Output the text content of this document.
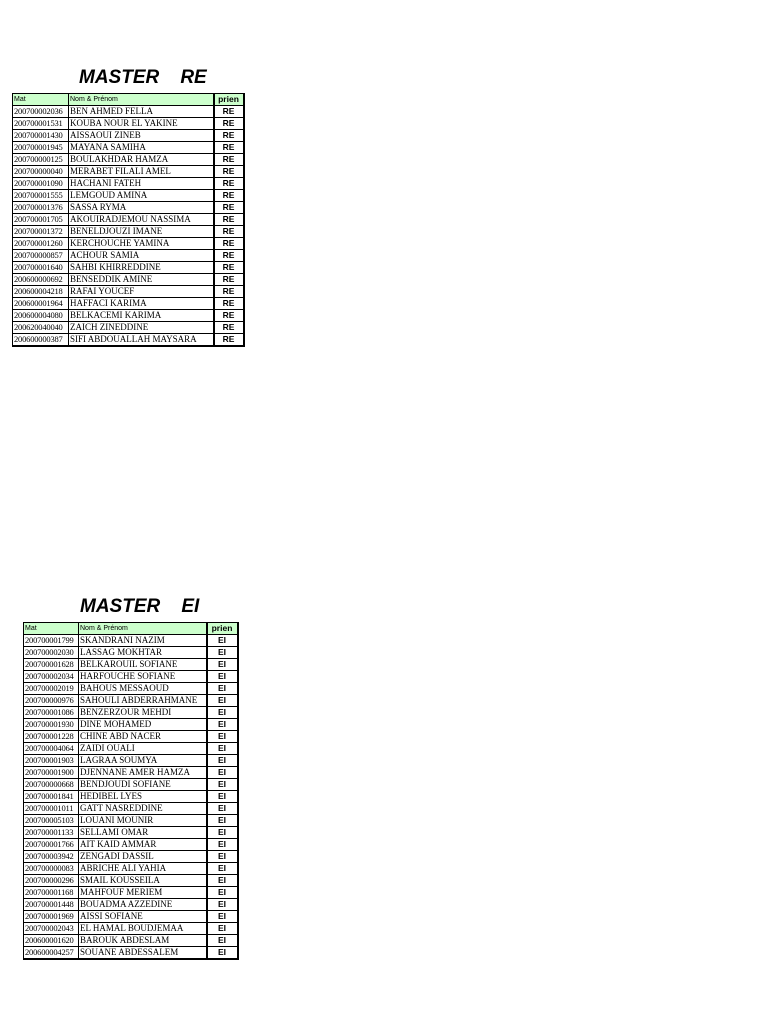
MASTER    RE
Mat	Nom & Prénom	prien
200700002036	BEN AHMED FELLA	RE
200700001531	KOUBA NOUR EL YAKINE	RE
200700001430	AISSAOUI ZINEB	RE
200700001945	MAYANA SAMIHA	RE
200700000125	BOULAKHDAR HAMZA	RE
200700000040	MERABET FILALI AMEL	RE
200700001090	HACHANI FATEH	RE
200700001555	LEMGOUD AMINA	RE
200700001376	SASSA RYMA	RE
200700001705	AKOUIRADJEMOU NASSIMA	RE
200700001372	BENELDJOUZI IMANE	RE
200700001260	KERCHOUCHE YAMINA	RE
200700000857	ACHOUR SAMIA	RE
200700001640	SAHBI KHIRREDDINE	RE
200600000692	BENSEDDIK AMINE	RE
200600004218	RAFAI YOUCEF	RE
200600001964	HAFFACI KARIMA	RE
200600004080	BELKACEMI KARIMA	RE
200620040040	ZAICH ZINEDDINE	RE
200600000387	SIFI ABDOUALLAH MAYSARA	RE
MASTER    EI
Mat	Nom & Prénom	prien
200700001799	SKANDRANI NAZIM	EI
200700002030	LASSAG MOKHTAR	EI
200700001628	BELKAROUIL SOFIANE	EI
200700002034	HARFOUCHE SOFIANE	EI
200700002019	BAHOUS MESSAOUD	EI
200700000976	SAHOULI ABDERRAHMANE	EI
200700001086	BENZERZOUR MEHDI	EI
200700001930	DINE MOHAMED	EI
200700001228	CHINE ABD NACER	EI
200700004064	ZAIDI OUALI	EI
200700001903	LAGRAA SOUMYA	EI
200700001900	DJENNANE AMER HAMZA	EI
200700000668	BENDJOUDI SOFIANE	EI
200700001841	HEDIBEL LYES	EI
200700001011	GATT NASREDDINE	EI
200700005103	LOUANI MOUNIR	EI
200700001133	SELLAMI OMAR	EI
200700001766	AIT KAID AMMAR	EI
200700003942	ZENGADI DASSIL	EI
200700000083	ABRICHE ALI YAHIA	EI
200700000296	SMAIL KOUSSEILA	EI
200700001168	MAHFOUF MERIEM	EI
200700001448	BOUADMA AZZEDINE	EI
200700001969	AISSI SOFIANE	EI
200700002043	EL HAMAL BOUDJEMAA	EI
200600001620	BAROUK ABDESLAM	EI
200600004257	SOUANE ABDESSALEM	EI
